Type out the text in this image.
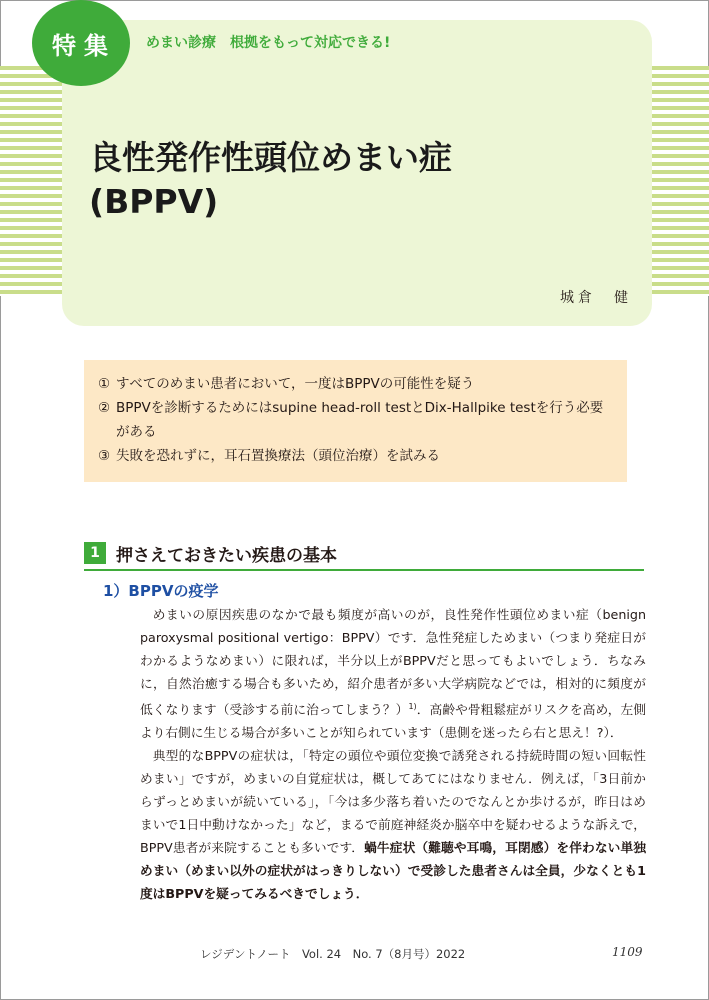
特集	めまい診療　根拠をもって対応できる!
良性発作性頭位めまい症
(BPPV)
城倉　健
① すべてのめまい患者において，一度はBPPVの可能性を疑う
② BPPVを診断するためにはsupine head-roll testとDix-Hallpike testを行う必要がある
③ 失敗を恐れずに，耳石置換療法（頭位治療）を試みる
1 押さえておきたい疾患の基本
1）BPPVの疫学

めまいの原因疾患のなかで最も頻度が高いのが，良性発作性頭位めまい症（benign paroxysmal positional vertigo：BPPV）です．急性発症しためまい（つまり発症日がわかるようなめまい）に限れば，半分以上がBPPVだと思ってもよいでしょう．ちなみに，自然治癒する場合も多いため，紹介患者が多い大学病院などでは，相対的に頻度が低くなります（受診する前に治ってしまう？）$^{1)}$．高齢や骨粗鬆症がリスクを高め，左側より右側に生じる場合が多いことが知られています（患側を迷ったら右と思え！?）．

典型的なBPPVの症状は，「特定の頭位や頭位変換で誘発される持続時間の短い回転性めまい」ですが，めまいの自覚症状は，概してあてにはなりません．例えば，「3日前からずっとめまいが続いている」，「今は多少落ち着いたのでなんとか歩けるが，昨日はめまいで1日中動けなかった」など，まるで前庭神経炎か脳卒中を疑わせるような訴えで，BPPV患者が来院することも多いです．蝸牛症状（難聴や耳鳴，耳閉感）を伴わない単独めまい（めまい以外の症状がはっきりしない）で受診した患者さんは全員，少なくとも1度はBPPVを疑ってみるべきでしょう．

レジデントノート　Vol. 24　No. 7（8月号）2022	1109
